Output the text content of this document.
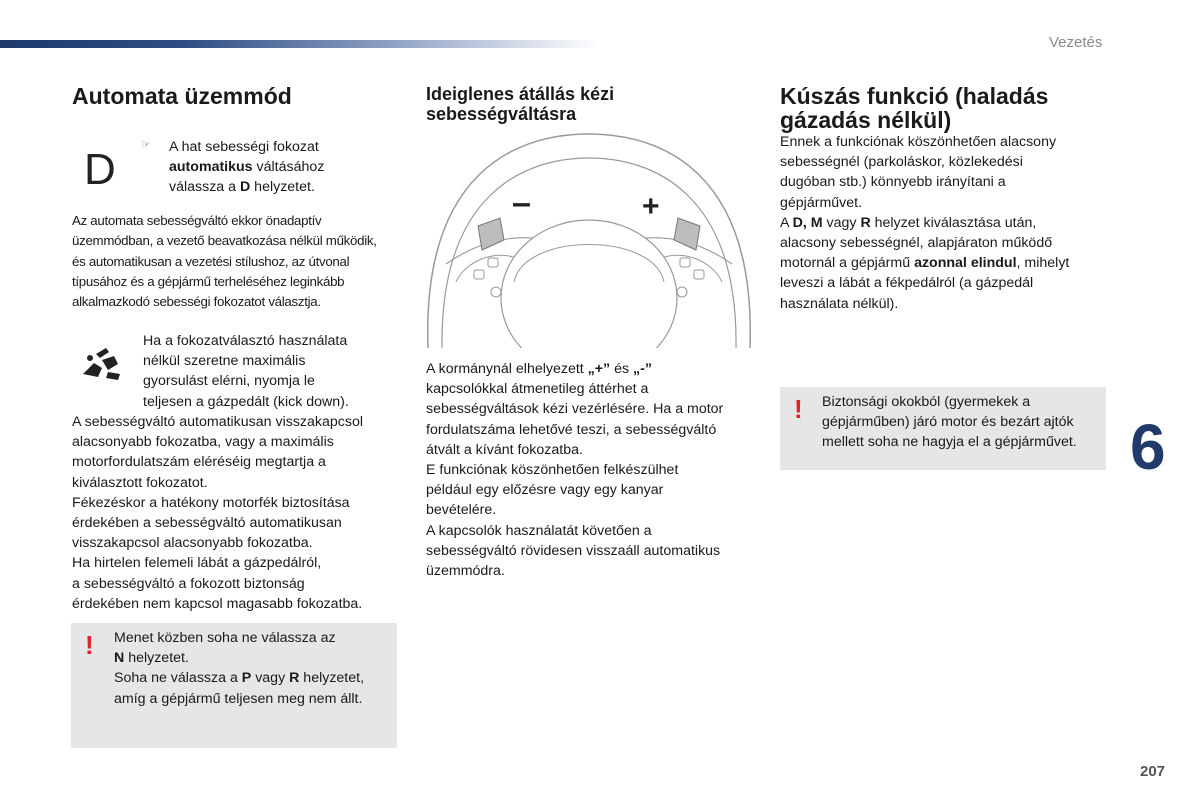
Vezetés
Automata üzemmód
D ☞ A hat sebességi fokozat
automatikus váltásához
válassza a D helyzetet.
Az automata sebességváltó ekkor önadaptív
üzemmódban, a vezető beavatkozása nélkül működik,
és automatikusan a vezetési stílushoz, az útvonal
típusához és a gépjármű terheléséhez leginkább
alkalmazkodó sebességi fokozatot választja.
Ha a fokozatválasztó használata
nélkül szeretne maximális
gyorsulást elérni, nyomja le
teljesen a gázpedált (kick down).
A sebességváltó automatikusan visszakapcsol
alacsonyabb fokozatba, vagy a maximális
motorfordulatszám eléréséig megtartja a
kiválasztott fokozatot.
Fékezéskor a hatékony motorfék biztosítása
érdekében a sebességváltó automatikusan
visszakapcsol alacsonyabb fokozatba.
Ha hirtelen felemeli lábát a gázpedálról,
a sebességváltó a fokozott biztonság
érdekében nem kapcsol magasabb fokozatba.
! Menet közben soha ne válassza az
N helyzetet.
Soha ne válassza a P vagy R helyzetet,
amíg a gépjármű teljesen meg nem állt.
Ideiglenes átállás kézi
sebességváltásra
–	+
A kormánynál elhelyezett „+” és „-”
kapcsolókkal átmenetileg áttérhet a
sebességváltások kézi vezérlésére. Ha a motor
fordulatszáma lehetővé teszi, a sebességváltó
átvált a kívánt fokozatba.
E funkciónak köszönhetően felkészülhet
például egy előzésre vagy egy kanyar
bevételére.
A kapcsolók használatát követően a
sebességváltó rövidesen visszaáll automatikus
üzemmódra.
Kúszás funkció (haladás
gázadás nélkül)
Ennek a funkciónak köszönhetően alacsony
sebességnél (parkoláskor, közlekedési
dugóban stb.) könnyebb irányítani a
gépjárművet.
A D, M vagy R helyzet kiválasztása után,
alacsony sebességnél, alapjáraton működő
motornál a gépjármű azonnal elindul, mihelyt
leveszi a lábát a fékpedálról (a gázpedál
használata nélkül).
! Biztonsági okokból (gyermekek a
gépjárműben) járó motor és bezárt ajtók
mellett soha ne hagyja el a gépjárművet. 6
207
